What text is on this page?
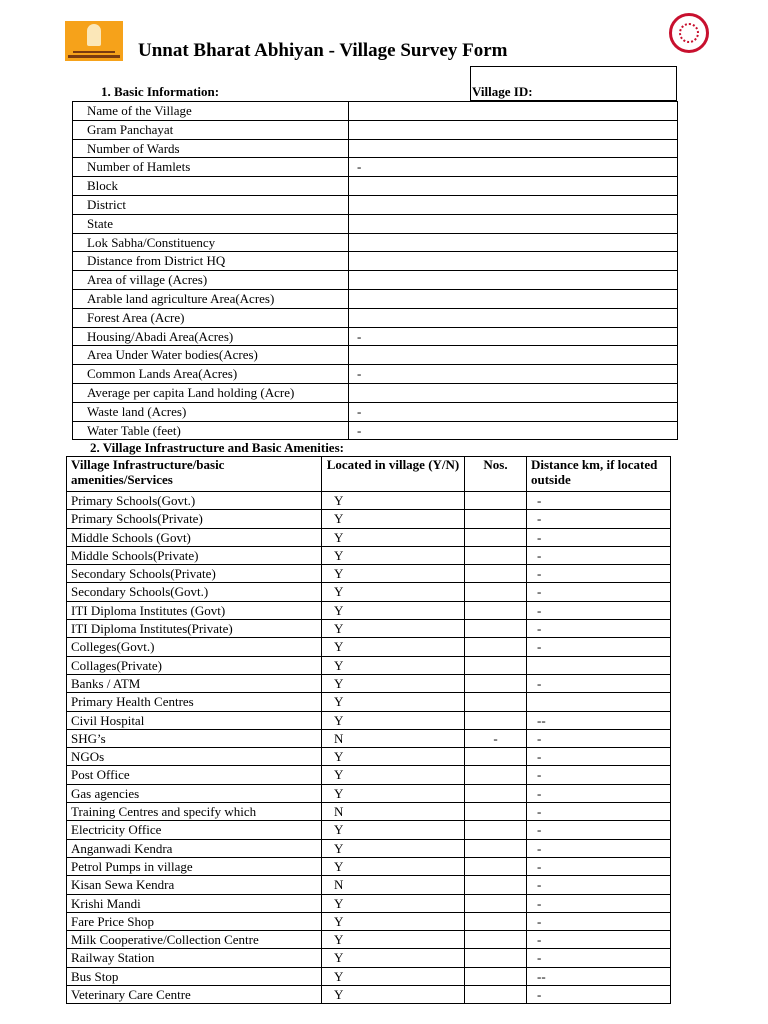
Unnat Bharat Abhiyan - Village Survey Form
1. Basic Information:	Village ID:
Name of the Village	
Gram Panchayat	
Number of Wards	
Number of Hamlets	-
Block	
District	
State	
Lok Sabha/Constituency	
Distance from District HQ	
Area of village (Acres)	
Arable land agriculture Area(Acres)	
Forest Area (Acre)	
Housing/Abadi Area(Acres)	-
Area Under Water bodies(Acres)	
Common Lands Area(Acres)	-
Average per capita Land holding (Acre)	
Waste land (Acres)	-
Water Table (feet)	-
2. Village Infrastructure and Basic Amenities:
Village Infrastructure/basic amenities/Services	Located in village (Y/N)	Nos.	Distance km, if located outside
Primary Schools(Govt.)	Y		-
Primary Schools(Private)	Y		-
Middle Schools (Govt)	Y		-
Middle Schools(Private)	Y		-
Secondary Schools(Private)	Y		-
Secondary Schools(Govt.)	Y		-
ITI Diploma Institutes (Govt)	Y		-
ITI Diploma Institutes(Private)	Y		-
Colleges(Govt.)	Y		-
Collages(Private)	Y		
Banks / ATM	Y		-
Primary Health Centres	Y		
Civil Hospital	Y		--
SHG’s	N	-	-
NGOs	Y		-
Post Office	Y		-
Gas agencies	Y		-
Training Centres and specify which	N		-
Electricity Office	Y		-
Anganwadi Kendra	Y		-
Petrol Pumps in village	Y		-
Kisan Sewa Kendra	N		-
Krishi Mandi	Y		-
Fare Price Shop	Y		-
Milk Cooperative/Collection Centre	Y		-
Railway Station	Y		-
Bus Stop	Y		--
Veterinary Care Centre	Y		-
